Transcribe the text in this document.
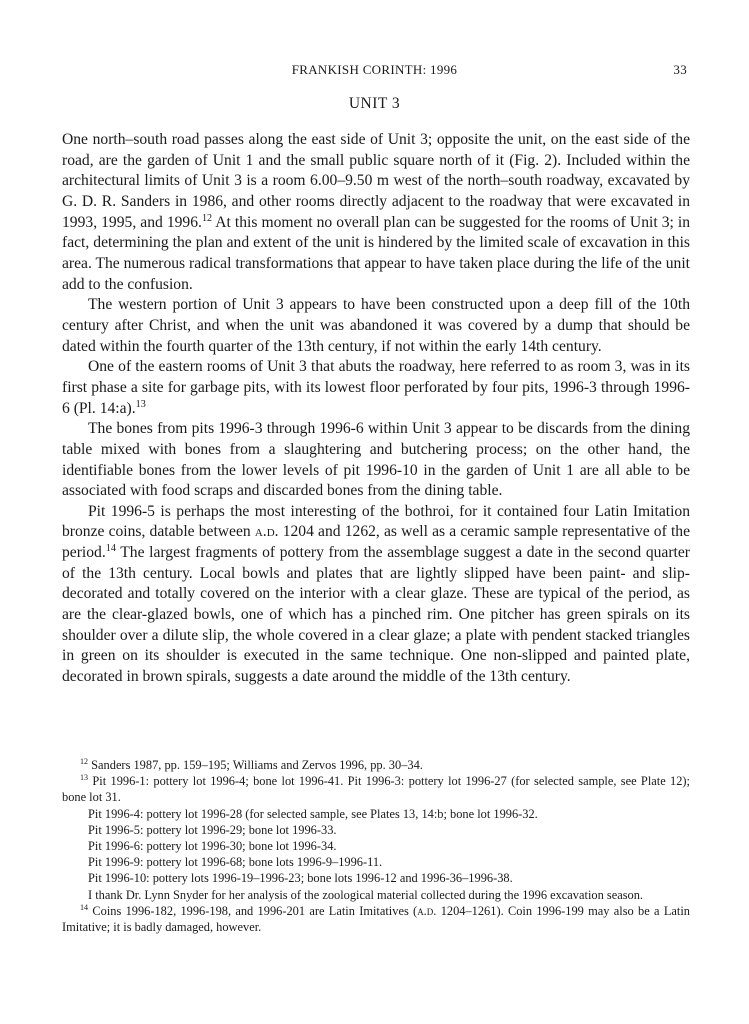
FRANKISH CORINTH: 1996	33
UNIT 3

One north–south road passes along the east side of Unit 3; opposite the unit, on the east side of the road, are the garden of Unit 1 and the small public square north of it (Fig. 2). Included within the architectural limits of Unit 3 is a room 6.00–9.50 m west of the north–south roadway, excavated by G. D. R. Sanders in 1986, and other rooms directly adjacent to the roadway that were excavated in 1993, 1995, and 1996.12 At this moment no overall plan can be suggested for the rooms of Unit 3; in fact, determining the plan and extent of the unit is hindered by the limited scale of excavation in this area. The numerous radical transformations that appear to have taken place during the life of the unit add to the confusion.

The western portion of Unit 3 appears to have been constructed upon a deep fill of the 10th century after Christ, and when the unit was abandoned it was covered by a dump that should be dated within the fourth quarter of the 13th century, if not within the early 14th century.

One of the eastern rooms of Unit 3 that abuts the roadway, here referred to as room 3, was in its first phase a site for garbage pits, with its lowest floor perforated by four pits, 1996-3 through 1996-6 (Pl. 14:a).$^{13}$

The bones from pits 1996-3 through 1996-6 within Unit 3 appear to be discards from the dining table mixed with bones from a slaughtering and butchering process; on the other hand, the identifiable bones from the lower levels of pit 1996-10 in the garden of Unit 1 are all able to be associated with food scraps and discarded bones from the dining table.

Pit 1996-5 is perhaps the most interesting of the bothroi, for it contained four Latin Imitation bronze coins, datable between a.d. 1204 and 1262, as well as a ceramic sample representative of the period.$^{14}$ The largest fragments of pottery from the assemblage suggest a date in the second quarter of the 13th century. Local bowls and plates that are lightly slipped have been paint- and slip-decorated and totally covered on the interior with a clear glaze. These are typical of the period, as are the clear-glazed bowls, one of which has a pinched rim. One pitcher has green spirals on its shoulder over a dilute slip, the whole covered in a clear glaze; a plate with pendent stacked triangles in green on its shoulder is executed in the same technique. One non-slipped and painted plate, decorated in brown spirals, suggests a date around the middle of the 13th century.

$^{12}$ Sanders 1987, pp. 159–195; Williams and Zervos 1996, pp. 30–34.

$^{13}$ Pit 1996-1: pottery lot 1996-4; bone lot 1996-41. Pit 1996-3: pottery lot 1996-27 (for selected sample, see Plate 12); bone lot 31.

Pit 1996-4: pottery lot 1996-28 (for selected sample, see Plates 13, 14:b; bone lot 1996-32.

Pit 1996-5: pottery lot 1996-29; bone lot 1996-33.

Pit 1996-6: pottery lot 1996-30; bone lot 1996-34.

Pit 1996-9: pottery lot 1996-68; bone lots 1996-9–1996-11.

Pit 1996-10: pottery lots 1996-19–1996-23; bone lots 1996-12 and 1996-36–1996-38.

I thank Dr. Lynn Snyder for her analysis of the zoological material collected during the 1996 excavation season.

$^{14}$ Coins 1996-182, 1996-198, and 1996-201 are Latin Imitatives (a.d. 1204–1261). Coin 1996-199 may also be a Latin Imitative; it is badly damaged, however.
